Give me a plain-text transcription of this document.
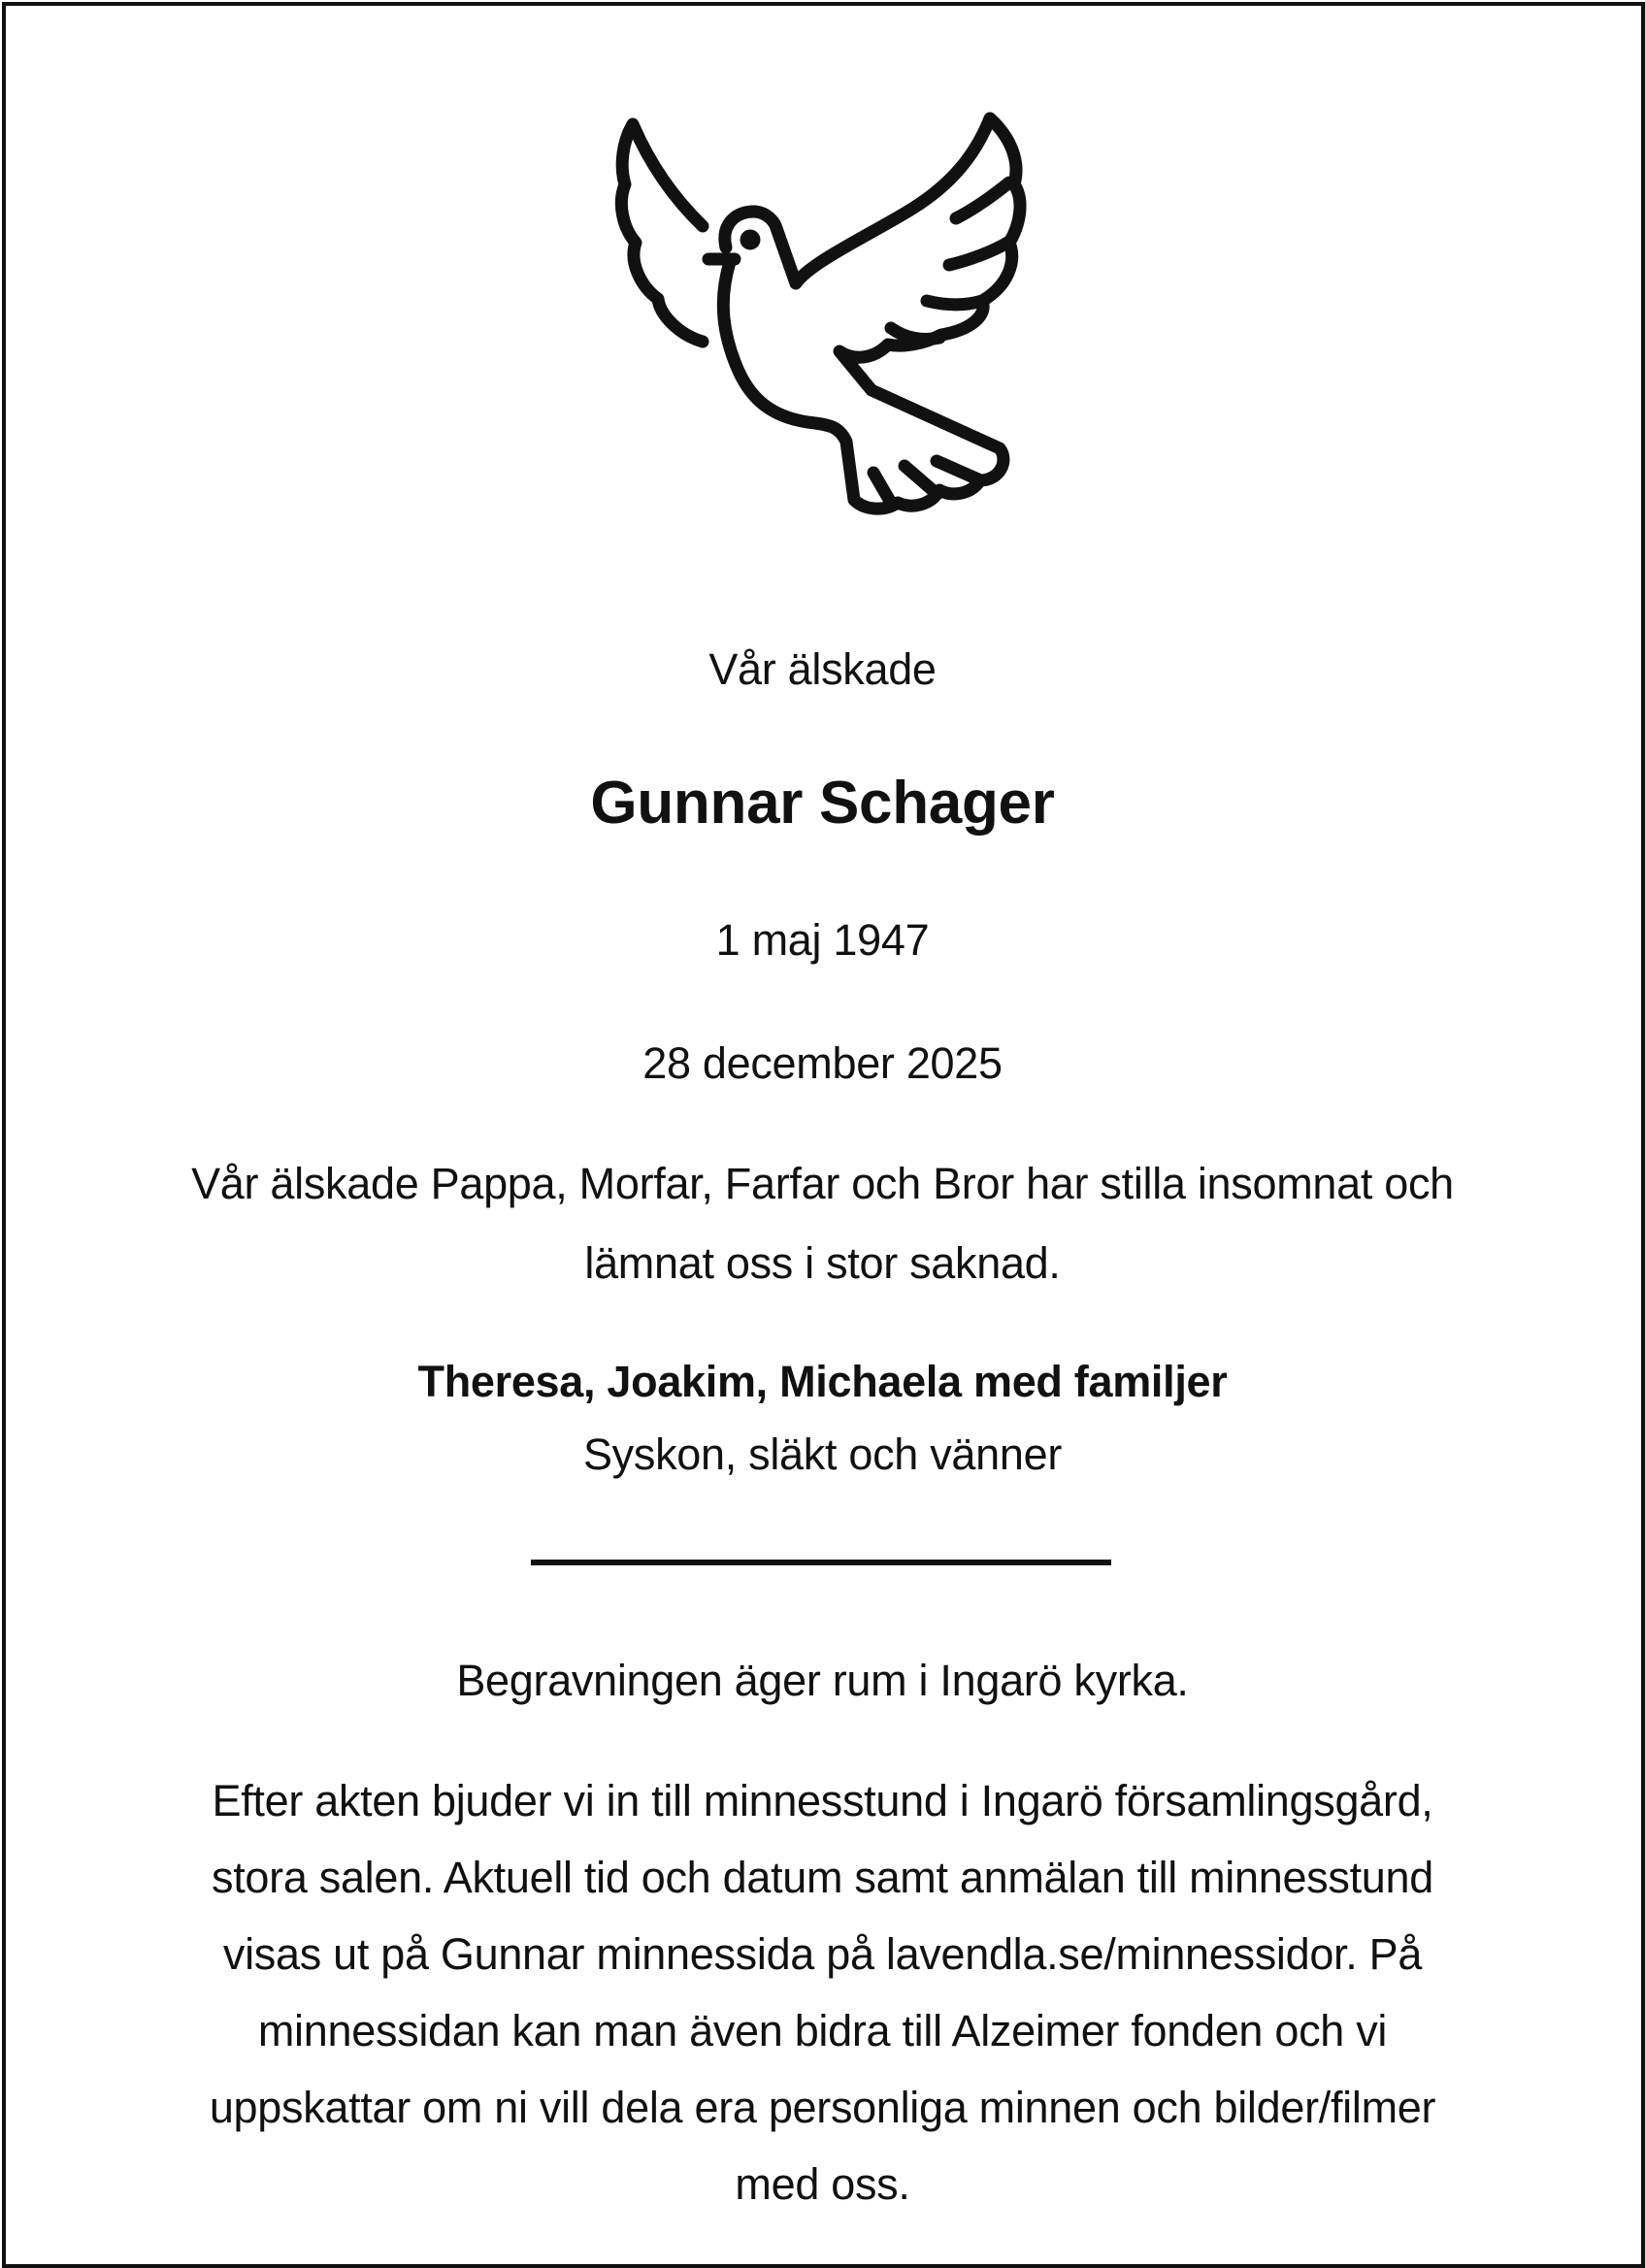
Vår älskade
Gunnar Schager
1 maj 1947
28 december 2025
Vår älskade Pappa, Morfar, Farfar och Bror har stilla insomnat och
lämnat oss i stor saknad.
Theresa, Joakim, Michaela med familjer
Syskon, släkt och vänner
Begravningen äger rum i Ingarö kyrka.
Efter akten bjuder vi in till minnesstund i Ingarö församlingsgård,
stora salen. Aktuell tid och datum samt anmälan till minnesstund
visas ut på Gunnar minnessida på lavendla.se/minnessidor. På
minnessidan kan man även bidra till Alzeimer fonden och vi
uppskattar om ni vill dela era personliga minnen och bilder/filmer
med oss.
